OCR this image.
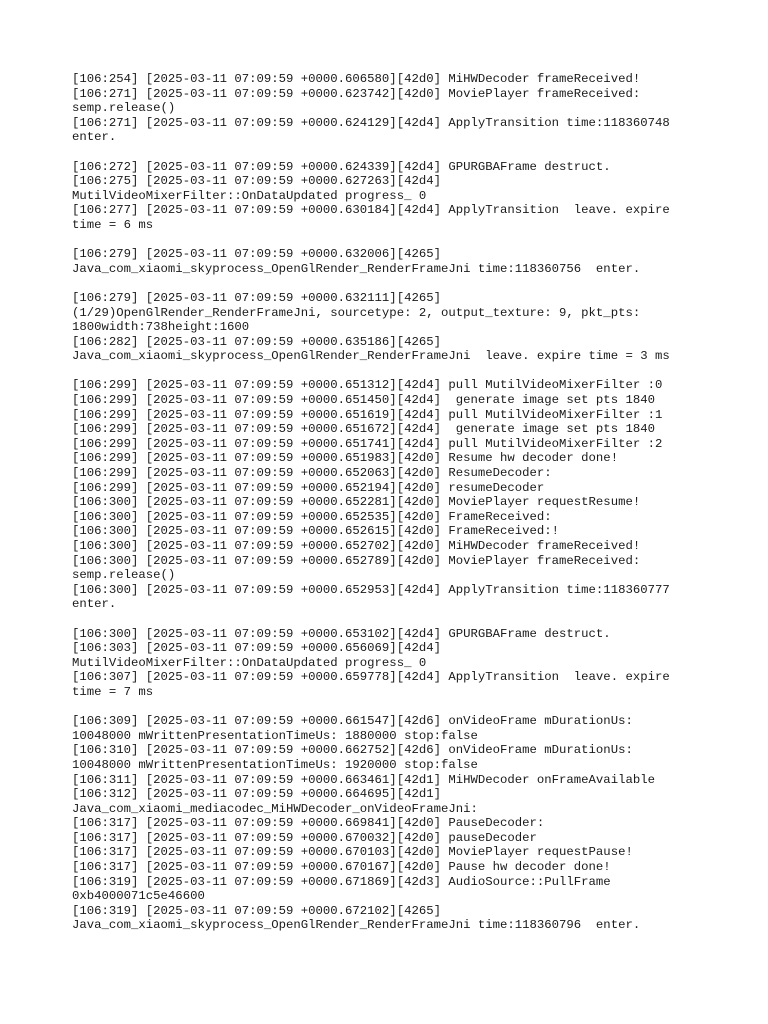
[106:254] [2025-03-11 07:09:59 +0000.606580][42d0] MiHWDecoder frameReceived!
[106:271] [2025-03-11 07:09:59 +0000.623742][42d0] MoviePlayer frameReceived:
semp.release()
[106:271] [2025-03-11 07:09:59 +0000.624129][42d4] ApplyTransition time:118360748
enter.
[106:272] [2025-03-11 07:09:59 +0000.624339][42d4] GPURGBAFrame destruct.
[106:275] [2025-03-11 07:09:59 +0000.627263][42d4]
MutilVideoMixerFilter::OnDataUpdated progress_ 0
[106:277] [2025-03-11 07:09:59 +0000.630184][42d4] ApplyTransition  leave. expire
time = 6 ms
[106:279] [2025-03-11 07:09:59 +0000.632006][4265]
Java_com_xiaomi_skyprocess_OpenGlRender_RenderFrameJni time:118360756  enter.
[106:279] [2025-03-11 07:09:59 +0000.632111][4265]
(1/29)OpenGlRender_RenderFrameJni, sourcetype: 2, output_texture: 9, pkt_pts:
1800width:738height:1600
[106:282] [2025-03-11 07:09:59 +0000.635186][4265]
Java_com_xiaomi_skyprocess_OpenGlRender_RenderFrameJni  leave. expire time = 3 ms
[106:299] [2025-03-11 07:09:59 +0000.651312][42d4] pull MutilVideoMixerFilter :0
[106:299] [2025-03-11 07:09:59 +0000.651450][42d4]  generate image set pts 1840
[106:299] [2025-03-11 07:09:59 +0000.651619][42d4] pull MutilVideoMixerFilter :1
[106:299] [2025-03-11 07:09:59 +0000.651672][42d4]  generate image set pts 1840
[106:299] [2025-03-11 07:09:59 +0000.651741][42d4] pull MutilVideoMixerFilter :2
[106:299] [2025-03-11 07:09:59 +0000.651983][42d0] Resume hw decoder done!
[106:299] [2025-03-11 07:09:59 +0000.652063][42d0] ResumeDecoder:
[106:299] [2025-03-11 07:09:59 +0000.652194][42d0] resumeDecoder
[106:300] [2025-03-11 07:09:59 +0000.652281][42d0] MoviePlayer requestResume!
[106:300] [2025-03-11 07:09:59 +0000.652535][42d0] FrameReceived:
[106:300] [2025-03-11 07:09:59 +0000.652615][42d0] FrameReceived:!
[106:300] [2025-03-11 07:09:59 +0000.652702][42d0] MiHWDecoder frameReceived!
[106:300] [2025-03-11 07:09:59 +0000.652789][42d0] MoviePlayer frameReceived:
semp.release()
[106:300] [2025-03-11 07:09:59 +0000.652953][42d4] ApplyTransition time:118360777
enter.
[106:300] [2025-03-11 07:09:59 +0000.653102][42d4] GPURGBAFrame destruct.
[106:303] [2025-03-11 07:09:59 +0000.656069][42d4]
MutilVideoMixerFilter::OnDataUpdated progress_ 0
[106:307] [2025-03-11 07:09:59 +0000.659778][42d4] ApplyTransition  leave. expire
time = 7 ms
[106:309] [2025-03-11 07:09:59 +0000.661547][42d6] onVideoFrame mDurationUs:
10048000 mWrittenPresentationTimeUs: 1880000 stop:false
[106:310] [2025-03-11 07:09:59 +0000.662752][42d6] onVideoFrame mDurationUs:
10048000 mWrittenPresentationTimeUs: 1920000 stop:false
[106:311] [2025-03-11 07:09:59 +0000.663461][42d1] MiHWDecoder onFrameAvailable
[106:312] [2025-03-11 07:09:59 +0000.664695][42d1]
Java_com_xiaomi_mediacodec_MiHWDecoder_onVideoFrameJni:
[106:317] [2025-03-11 07:09:59 +0000.669841][42d0] PauseDecoder:
[106:317] [2025-03-11 07:09:59 +0000.670032][42d0] pauseDecoder
[106:317] [2025-03-11 07:09:59 +0000.670103][42d0] MoviePlayer requestPause!
[106:317] [2025-03-11 07:09:59 +0000.670167][42d0] Pause hw decoder done!
[106:319] [2025-03-11 07:09:59 +0000.671869][42d3] AudioSource::PullFrame
0xb4000071c5e46600
[106:319] [2025-03-11 07:09:59 +0000.672102][4265]
Java_com_xiaomi_skyprocess_OpenGlRender_RenderFrameJni time:118360796  enter.
